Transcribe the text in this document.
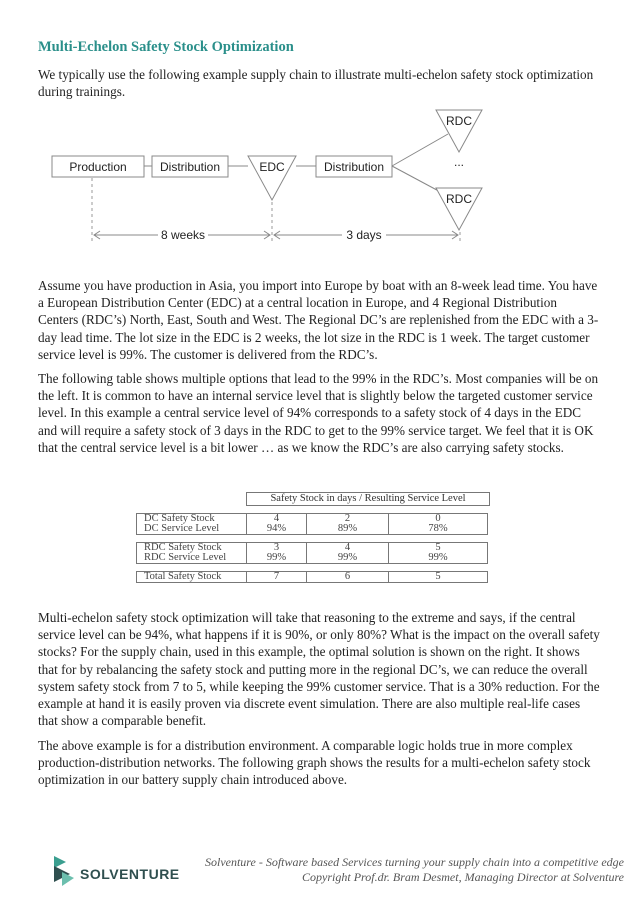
Multi-Echelon Safety Stock Optimization

We typically use the following example supply chain to illustrate multi-echelon safety stock optimization during trainings.

Production	Distribution	EDC	Distribution
RDC
...
RDC
8 weeks	3 days

Assume you have production in Asia, you import into Europe by boat with an 8-week lead time. You have a European Distribution Center (EDC) at a central location in Europe, and 4 Regional Distribution Centers (RDC’s) North, East, South and West. The Regional DC’s are replenished from the EDC with a 3-day lead time. The lot size in the EDC is 2 weeks, the lot size in the RDC is 1 week. The target customer service level is 99%. The customer is delivered from the RDC’s.

The following table shows multiple options that lead to the 99% in the RDC’s. Most companies will be on the left. It is common to have an internal service level that is slightly below the targeted customer service level. In this example a central service level of 94% corresponds to a safety stock of 4 days in the EDC and will require a safety stock of 3 days in the RDC to get to the 99% service target. We feel that it is OK that the central service level is a bit lower … as we know the RDC’s are also carrying safety stocks.

Safety Stock in days / Resulting Service Level
DC Safety Stock	4	2	0
DC Service Level	94%	89%	78%
RDC Safety Stock	3	4	5
RDC Service Level	99%	99%	99%
Total Safety Stock	7	6	5

Multi-echelon safety stock optimization will take that reasoning to the extreme and says, if the central service level can be 94%, what happens if it is 90%, or only 80%? What is the impact on the overall safety stocks? For the supply chain, used in this example, the optimal solution is shown on the right. It shows that for by rebalancing the safety stock and putting more in the regional DC’s, we can reduce the overall system safety stock from 7 to 5, while keeping the 99% customer service. That is a 30% reduction. For the example at hand it is easily proven via discrete event simulation. There are also multiple real-life cases that show a comparable benefit.

The above example is for a distribution environment. A comparable logic holds true in more complex production-distribution networks. The following graph shows the results for a multi-echelon safety stock optimization in our battery supply chain introduced above.

SOLVENTURE
Solventure - Software based Services turning your supply chain into a competitive edge
Copyright Prof.dr. Bram Desmet, Managing Director at Solventure
